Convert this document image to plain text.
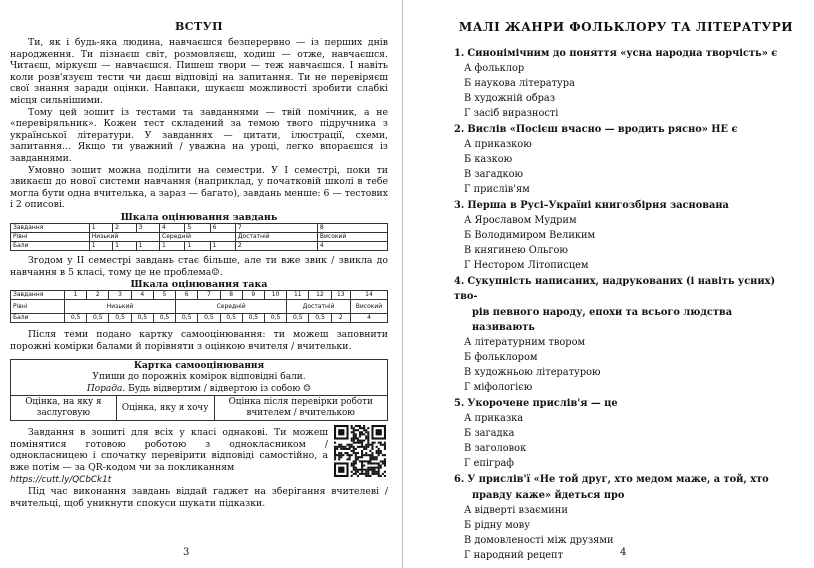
ВСТУП

Ти, як і будь-яка людина, навчаєшся безперервно — із перших днів народження. Ти пізнаєш світ, розмовляєш, ходиш — отже, навчаєшся. Читаєш, міркуєш — навчаєшся. Пишеш твори — теж навчаєшся. І навіть коли розв'язуєш тести чи даєш відповіді на запитання. Ти не перевіряєш свої знання заради оцінки. Навпаки, шукаєш можливості зробити слабкі місця сильнішими.

Тому цей зошит із тестами та завданнями — твій помічник, а не «перевіряльник». Кожен тест складений за темою твого підручника з української літератури. У завданнях — цитати, ілюстрації, схеми, запитання… Якщо ти уважний / уважна на уроці, легко впораєшся із завданнями.

Умовно зошит можна поділити на семестри. У І семестрі, поки ти звикаєш до нової системи навчання (наприклад, у початковій школі в тебе могла бути одна вчителька, а зараз — багато), завдань менше: 6 — тестових і 2 описові.

Шкала оцінювання завдань
Завдання	1	2	3	4	5	6	7	8
Рівні	Низький			Середній			Достатній	Високий
Бали	1	1	1	1	1	1	2	4

Згодом у ІІ семестрі завдань стає більше, але ти вже звик / звикла до навчання в 5 класі, тому це не проблема☺.

Шкала оцінювання така
Завдання	1	2	3	4	5	6	7	8	9	10	11	12	13	14
Рівні	Низький					Середній					Достатній			Високий
Бали	0,5	0,5	0,5	0,5	0,5	0,5	0,5	0,5	0,5	0,5	0,5	0,5	2	4

Після теми подано картку самооцінювання: ти можеш заповнити порожні комірки балами й порівняти з оцінкою вчителя / вчительки.

Картка самооцінювання
Упиши до порожніх комірок відповідні бали.
Порада. Будь відвертим / відвертою із собою ☺
Оцінка, на яку я заслуговую	Оцінка, яку я хочу	Оцінка після перевірки роботи вчителем / вчителькою

Завдання в зошиті для всіх у класі однакові. Ти можеш помінятися готовою роботою з однокласником / однокласницею і спочатку перевірити відповіді самостійно, а вже потім — за QR-кодом чи за покликанням
https://cutt.ly/QCbCk1t

Під час виконання завдань віддай гаджет на зберігання вчителеві / вчительці, щоб уникнути спокуси шукати підказки.

3
МАЛІ ЖАНРИ ФОЛЬКЛОРУ ТА ЛІТЕРАТУРИ
1. Синонімічним до поняття «усна народна творчість» є
А фольклор
Б наукова література
В художній образ
Г засіб виразності
2. Вислів «Посієш вчасно — вродить рясно» НЕ є
А приказкою
Б казкою
В загадкою
Г прислів'ям
3. Перша в Русі–Україні книгозбірня заснована
А Ярославом Мудрим
Б Володимиром Великим
В княгинею Ольгою
Г Нестором Літописцем
4. Сукупність написаних, надрукованих (і навіть усних) тво-
рів певного народу, епохи та всього людства називають
А літературним твором
Б фольклором
В художньою літературою
Г міфологією
5. Укорочене прислів'я — це
А приказка
Б загадка
В заголовок
Г епіграф
6. У прислів'ї «Не той друг, хто медом маже, а той, хто
правду каже» йдеться про
А відверті взаємини
Б рідну мову
В домовленості між друзями
Г народний рецепт	4
